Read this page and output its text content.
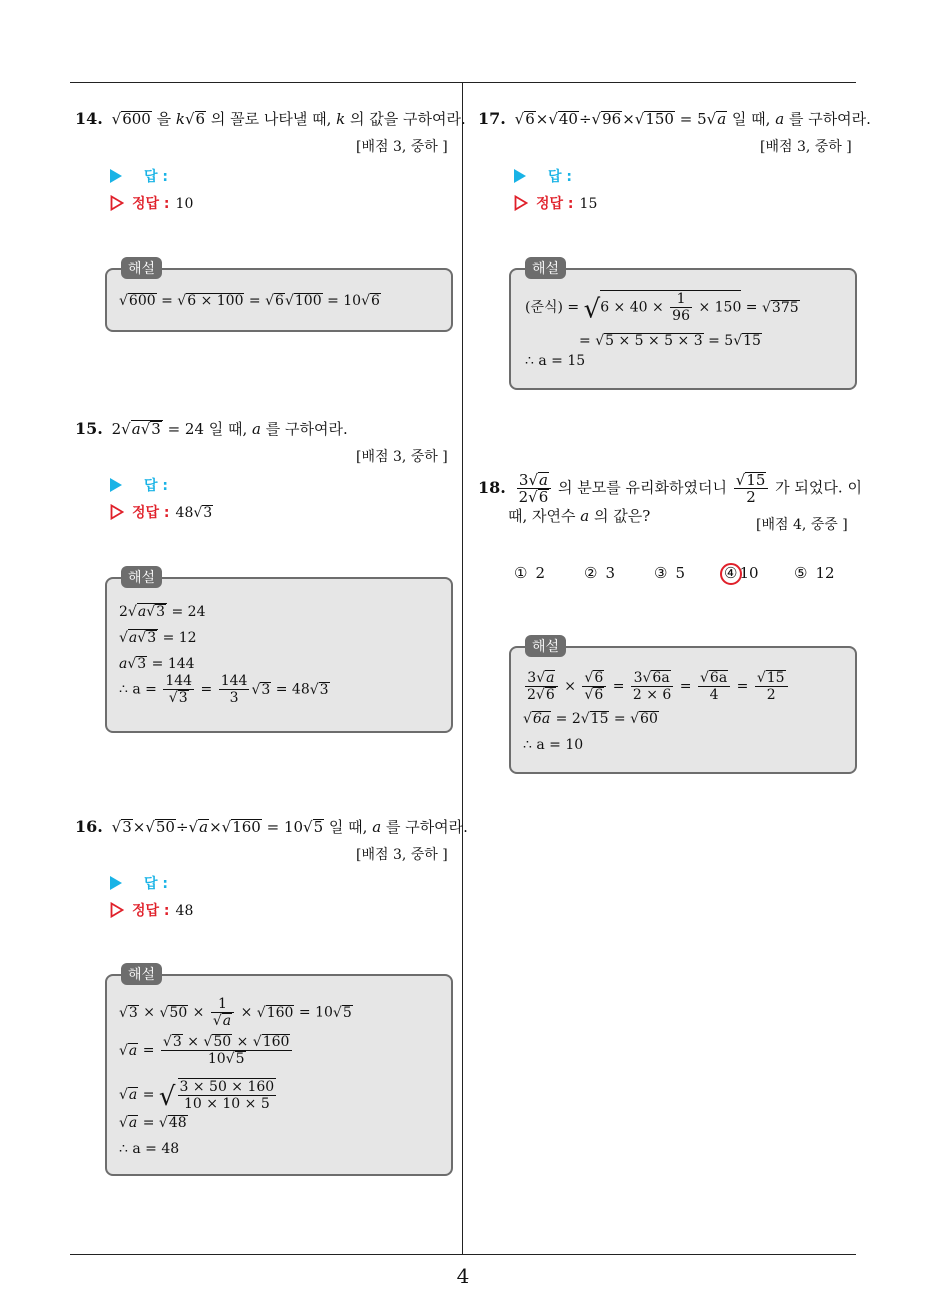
14. √600 을 k√6 의 꼴로 나타낼 때, k 의 값을 구하여라.
[배점 3, 중하 ]
답 :
정답 : 10
해설
√600 = √6 × 100 = √6√100 = 10√6
15. 2√a√3 = 24 일 때, a 를 구하여라.
[배점 3, 중하 ]
답 :
정답 : 48√3
해설
2√a√3 = 24
√a√3 = 12
a√3 = 144
∴ $a = \frac{144}{√3} = \frac{144}{3} √3 = 48√3$
16. √3×√50÷√a×√160 = 10√5 일 때, a 를 구하여라.
[배점 3, 중하 ]
답 :
정답 : 48
해설
$√3 \times √50 \times \frac{1}{√a} \times √160 = 10√5$
$√a = \frac{√3 \times √50 \times √160}{10√5}$
√a = √ $\frac{3 \times 50 \times 160}{10 \times 10 \times 5}$
√a = √48
∴ a = 48
17. √6×√40÷√96×√150 = 5√a 일 때, a 를 구하여라.
[배점 3, 중하 ]
답 :
정답 : 15
해설
(준식) = $√6 \times 40 \times \frac{1}{96} \times 150 = √375$
= √5 × 5 × 5 × 3 = 5√15
∴ a = 15
18. $\frac{3√a}{2√6}$ 의 분모를 유리화하였더니 $\frac{√15}{2}$ 가 되었다. 이
때, 자연수 a 의 값은?	[배점 4, 중중 ]
① 2	② 3	③ 5	④ 10 ⑤ 12
해설
$\frac{3√a}{2√6} \times \frac{√6}{√6} = \frac{3√6a}{2 \times 6} = \frac{√6a}{4} = \frac{√15}{2}$
√6a = 2√15 = √60
∴ a = 10
4
